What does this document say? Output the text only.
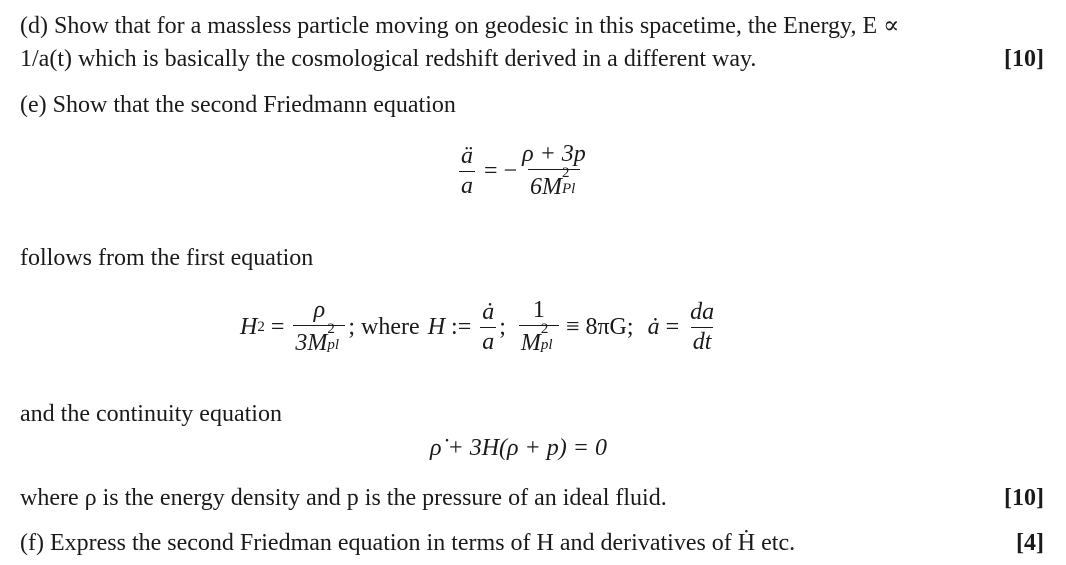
(d) Show that for a massless particle moving on geodesic in this spacetime, the Energy, E ∝
1/a(t) which is basically the cosmological redshift derived in a different way.	[10]
(e) Show that the second Friedmann equation
$\frac{ä}{a}$ = − ρ + 3p
6M
2
Pl
follows from the first equation
H 2 = ρ
3M
2
pl ; where H := $\frac{ȧ}{a}$ ; 1
M
2
pl ≡ 8πG; ȧ = $\frac{da}{dt}$
and the continuity equation
ρ̇ + 3H(ρ + p) = 0
where ρ is the energy density and p is the pressure of an ideal fluid.	[10]
(f) Express the second Friedman equation in terms of H and derivatives of Ḣ etc.	[4]
